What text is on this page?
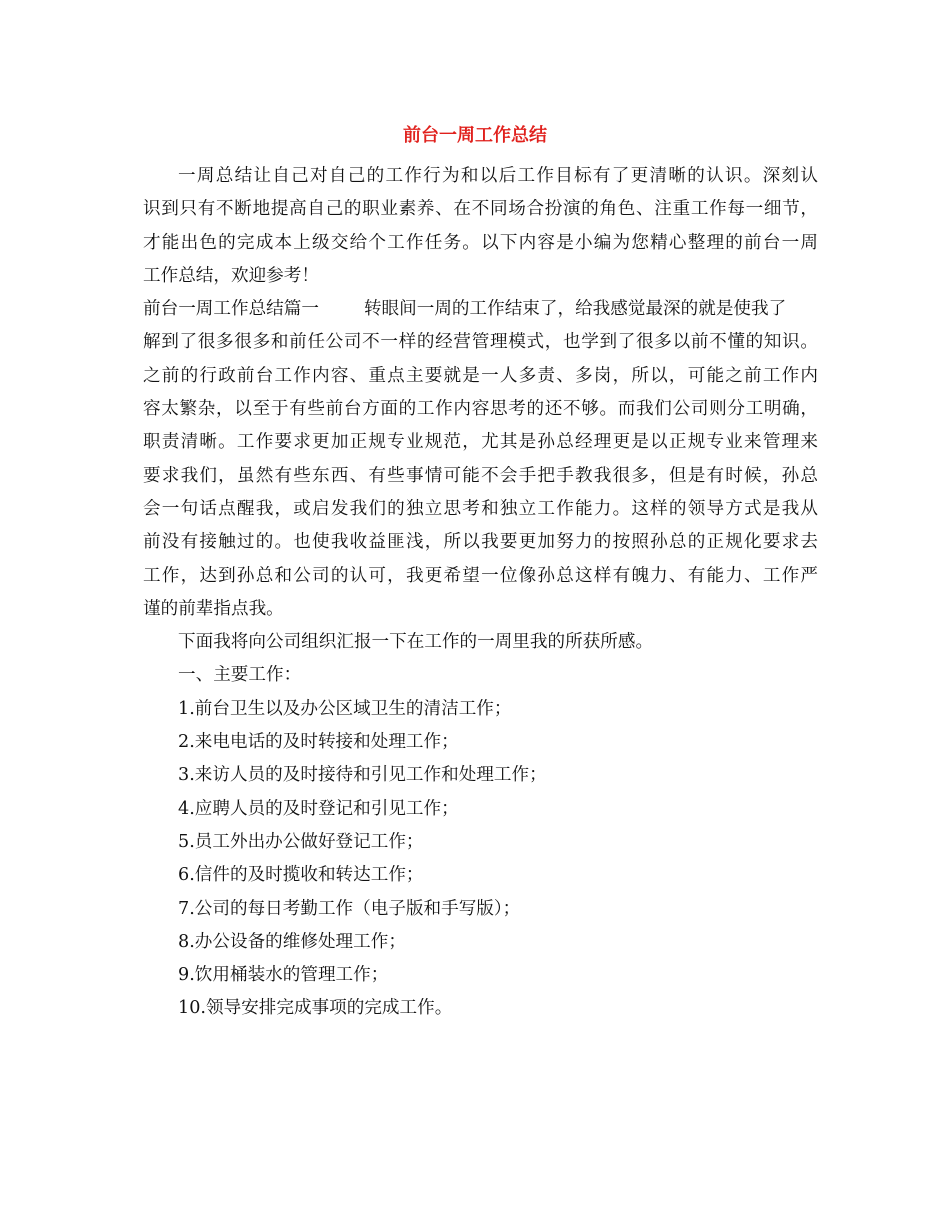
前台一周工作总结
一周总结让自己对自己的工作行为和以后工作目标有了更清晰的认识。深刻认
识到只有不断地提高自己的职业素养、在不同场合扮演的角色、注重工作每一细节，
才能出色的完成本上级交给个工作任务。以下内容是小编为您精心整理的前台一周
工作总结，欢迎参考！
前台一周工作总结篇一	转眼间一周的工作结束了，给我感觉最深的就是使我了
解到了很多很多和前任公司不一样的经营管理模式，也学到了很多以前不懂的知识。
之前的行政前台工作内容、重点主要就是一人多责、多岗，所以，可能之前工作内
容太繁杂，以至于有些前台方面的工作内容思考的还不够。而我们公司则分工明确，
职责清晰。工作要求更加正规专业规范，尤其是孙总经理更是以正规专业来管理来
要求我们，虽然有些东西、有些事情可能不会手把手教我很多，但是有时候，孙总
会一句话点醒我，或启发我们的独立思考和独立工作能力。这样的领导方式是我从
前没有接触过的。也使我收益匪浅，所以我要更加努力的按照孙总的正规化要求去
工作，达到孙总和公司的认可，我更希望一位像孙总这样有魄力、有能力、工作严
谨的前辈指点我。
下面我将向公司组织汇报一下在工作的一周里我的所获所感。
一、主要工作：
1.前台卫生以及办公区域卫生的清洁工作；
2.来电电话的及时转接和处理工作；
3.来访人员的及时接待和引见工作和处理工作；
4.应聘人员的及时登记和引见工作；
5.员工外出办公做好登记工作；
6.信件的及时揽收和转达工作；
7.公司的每日考勤工作（电子版和手写版）；
8.办公设备的维修处理工作；
9.饮用桶装水的管理工作；
10.领导安排完成事项的完成工作。
